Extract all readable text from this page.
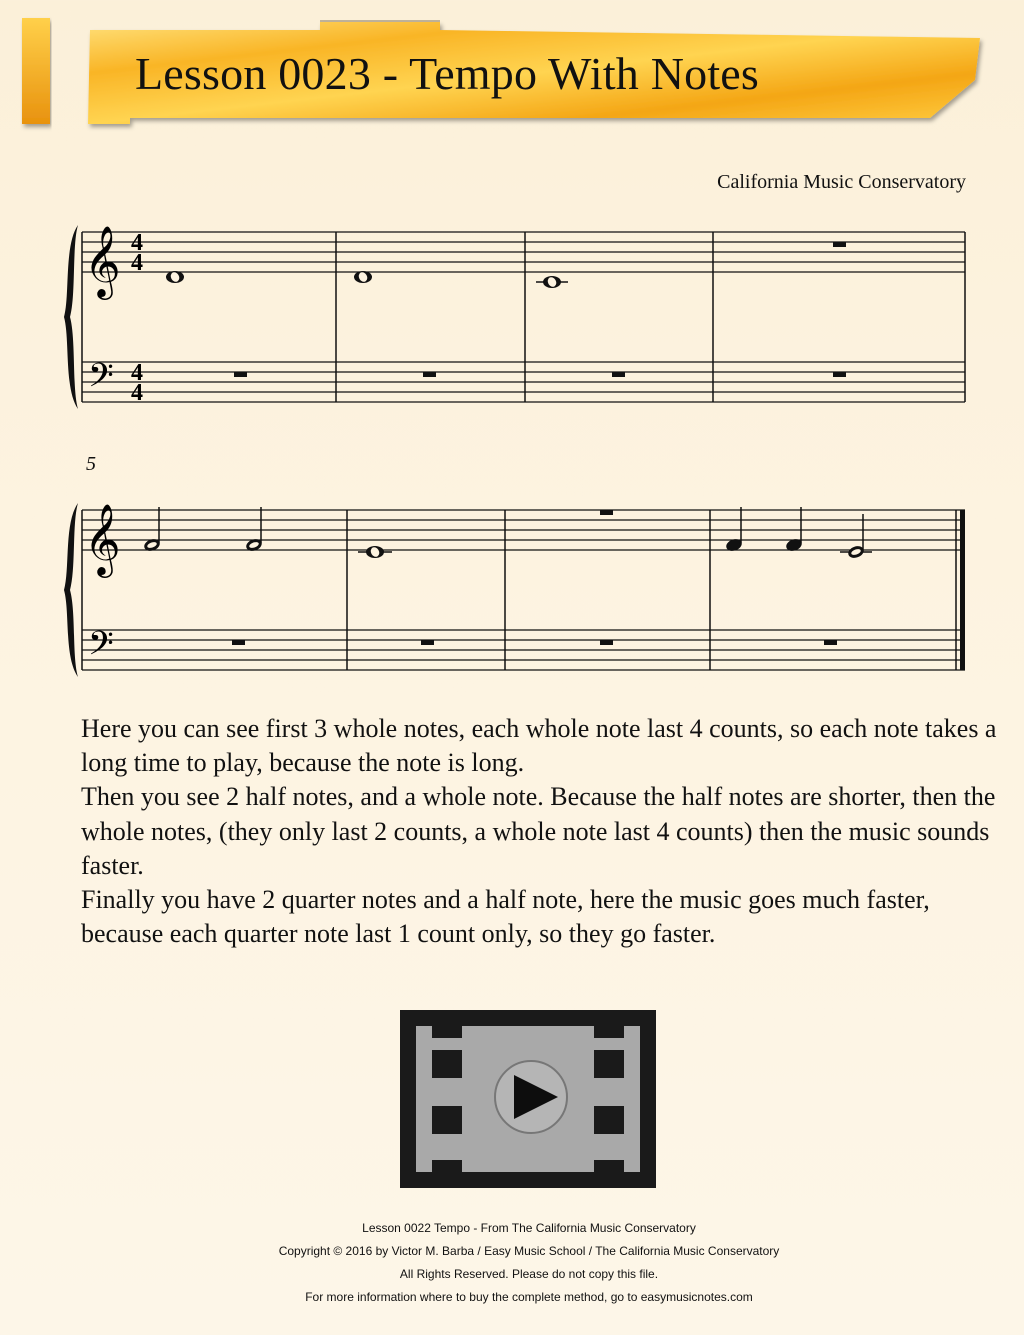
Lesson 0023 - Tempo With Notes
California Music Conservatory
𝄞
𝄢
4
4
4
4
5
𝄞
𝄢

Here you can see first 3 whole notes, each whole note last 4 counts, so each note takes a long time to play, because the note is long.

Then you see 2 half notes, and a whole note. Because the half notes are shorter, then the whole notes, (they only last 2 counts, a whole note last 4 counts) then the music sounds faster.

Finally you have 2 quarter notes and a half note, here the music goes much faster, because each quarter note last 1 count only, so they go faster.

Lesson 0022 Tempo - From The California Music Conservatory
Copyright © 2016 by Victor M. Barba / Easy Music School / The California Music Conservatory
All Rights Reserved. Please do not copy this file.
For more information where to buy the complete method, go to easymusicnotes.com
